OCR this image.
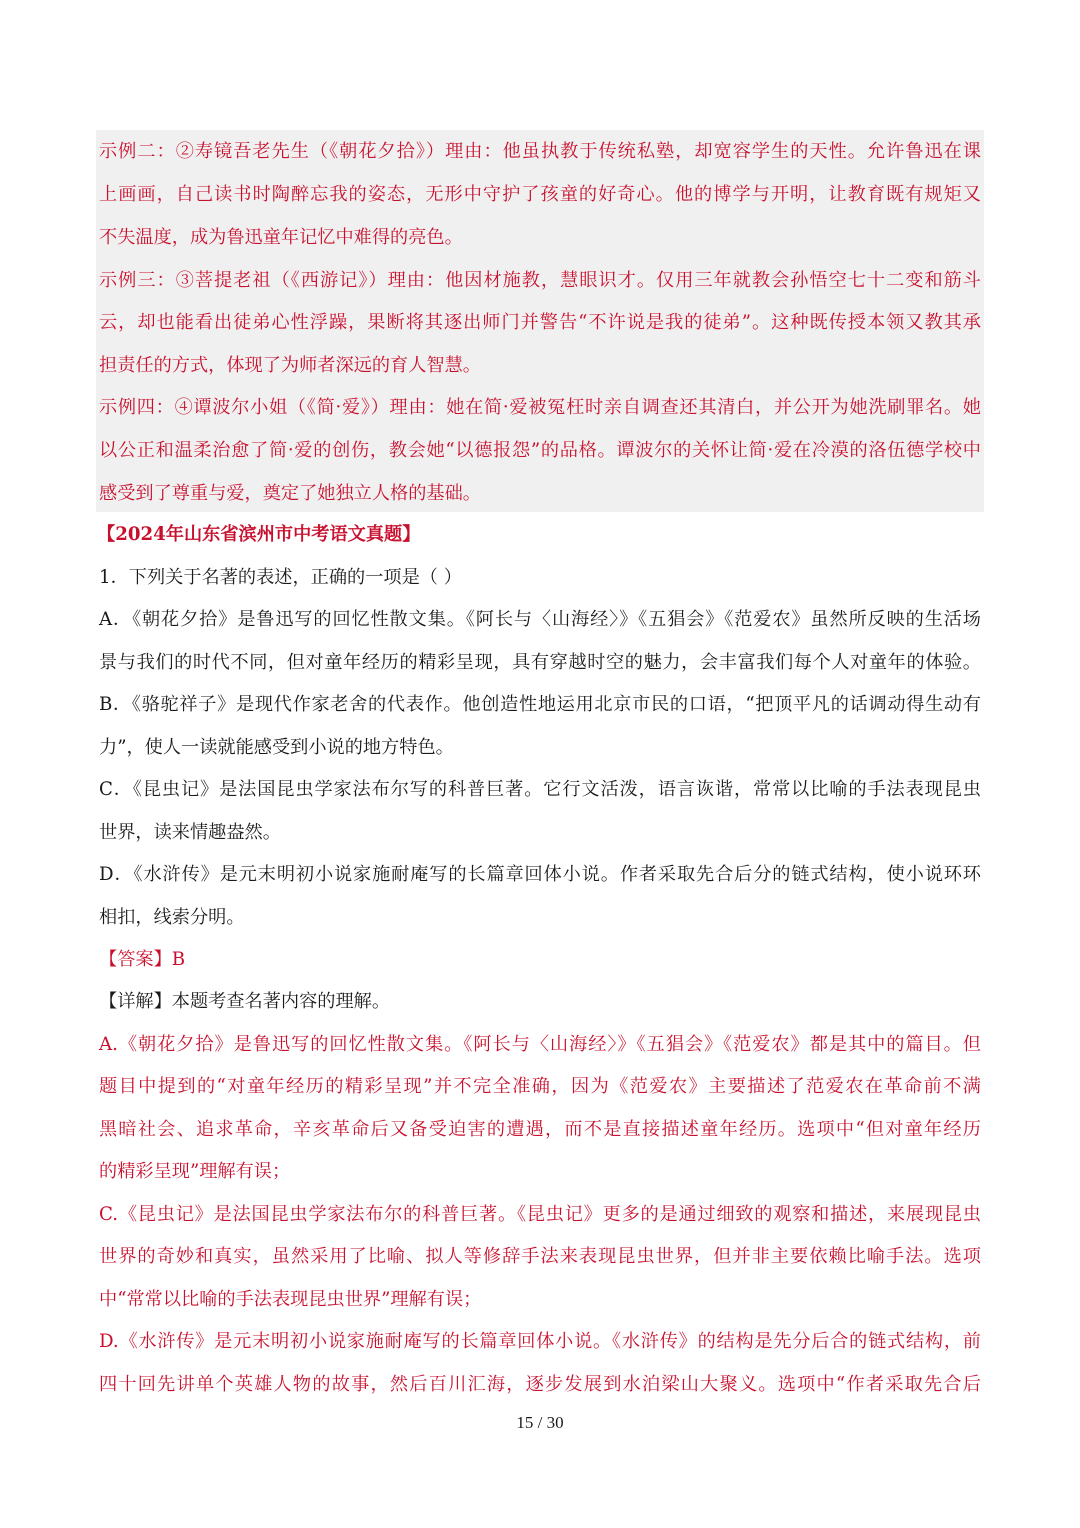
示例二：②寿镜吾老先生（《朝花夕拾》）理由：他虽执教于传统私塾，却宽容学生的天性。允许鲁迅在课
上画画，自己读书时陶醉忘我的姿态，无形中守护了孩童的好奇心。他的博学与开明，让教育既有规矩又
不失温度，成为鲁迅童年记忆中难得的亮色。
示例三：③菩提老祖（《西游记》）理由：他因材施教，慧眼识才。仅用三年就教会孙悟空七十二变和筋斗
云，却也能看出徒弟心性浮躁，果断将其逐出师门并警告“不许说是我的徒弟”。这种既传授本领又教其承
担责任的方式，体现了为师者深远的育人智慧。
示例四：④谭波尔小姐（《简·爱》）理由：她在简·爱被冤枉时亲自调查还其清白，并公开为她洗刷罪名。她
以公正和温柔治愈了简·爱的创伤，教会她“以德报怨”的品格。谭波尔的关怀让简·爱在冷漠的洛伍德学校中
感受到了尊重与爱，奠定了她独立人格的基础。
【2024年山东省滨州市中考语文真题】
1．下列关于名著的表述，正确的一项是（ ）
A．《朝花夕拾》是鲁迅写的回忆性散文集。《阿长与〈山海经〉》《五猖会》《范爱农》虽然所反映的生活场
景与我们的时代不同，但对童年经历的精彩呈现，具有穿越时空的魅力，会丰富我们每个人对童年的体验。
B．《骆驼祥子》是现代作家老舍的代表作。他创造性地运用北京市民的口语，“把顶平凡的话调动得生动有
力”，使人一读就能感受到小说的地方特色。
C．《昆虫记》是法国昆虫学家法布尔写的科普巨著。它行文活泼，语言诙谐，常常以比喻的手法表现昆虫
世界，读来情趣盎然。
D．《水浒传》是元末明初小说家施耐庵写的长篇章回体小说。作者采取先合后分的链式结构，使小说环环
相扣，线索分明。
【答案】B
【详解】本题考查名著内容的理解。
A.《朝花夕拾》是鲁迅写的回忆性散文集。《阿长与〈山海经〉》《五猖会》《范爱农》都是其中的篇目。但
题目中提到的“对童年经历的精彩呈现”并不完全准确，因为《范爱农》主要描述了范爱农在革命前不满
黑暗社会、追求革命，辛亥革命后又备受迫害的遭遇，而不是直接描述童年经历。选项中“但对童年经历
的精彩呈现”理解有误；
C.《昆虫记》是法国昆虫学家法布尔的科普巨著。《昆虫记》更多的是通过细致的观察和描述，来展现昆虫
世界的奇妙和真实，虽然采用了比喻、拟人等修辞手法来表现昆虫世界，但并非主要依赖比喻手法。选项
中“常常以比喻的手法表现昆虫世界”理解有误；
D.《水浒传》是元末明初小说家施耐庵写的长篇章回体小说。《水浒传》的结构是先分后合的链式结构，前
四十回先讲单个英雄人物的故事，然后百川汇海，逐步发展到水泊梁山大聚义。选项中“作者采取先合后
15 / 30
